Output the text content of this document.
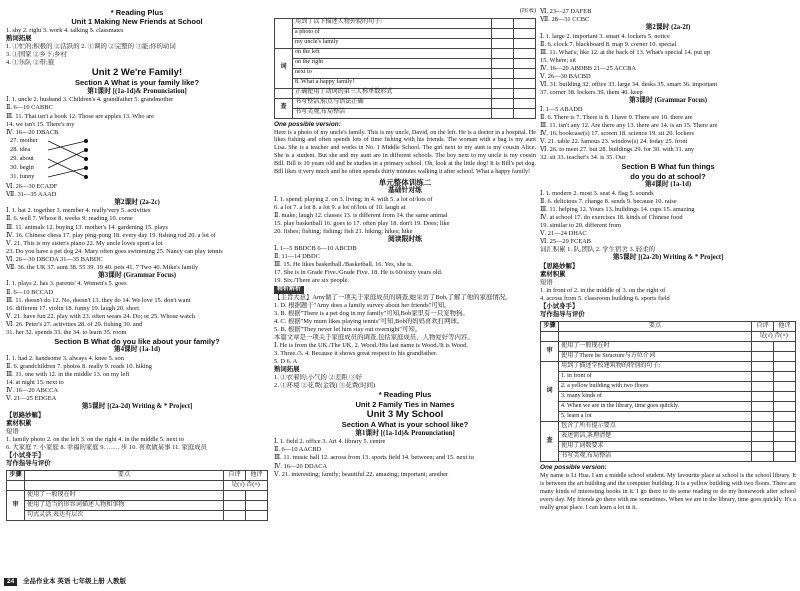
* Reading Plus
Unit 1 Making New Friends at School
1. shy 2. right 3. work 4. talking 5. classmates
熟词拓展
1. ①忙的;积极的 ②活跃的 2. ①调的 ②完整的 ③能;你的动词
3. ①国家 ②乡下;乡村
4. ①乐队 ②带;箍
Unit 2 We're Family!
Section A What is your family like?
第1课时 [(1a-1d)& Pronunciation]
Ⅰ. 1. uncle 2. husband 3. Children's 4. grandfather 5. grandmother
Ⅱ. 6—10 CABBC
Ⅲ. 11. That isn't a book 12. Those are apples 13. Who are
14. we isn't 15. There's my
Ⅳ. 16—20 DBACB
27. mother
28. idea
29. about
30. begin
31. funny
Ⅵ. 26—30 ECADF
Ⅶ. 31—35 AAAD
第2课时 (2a-2c)
Ⅰ. 1. bat 2. together 3. member 4. really/very 5. activities
Ⅱ. 6. well 7. Whose 8. weeks 9. reading 10. come
Ⅲ. 11. animals 12. buying 13. mother's 14. gardening 15. plays
Ⅳ. 16. Chinese chess 17. play ping-pong 18. every day 19. fishing rod 20. a lot of
Ⅴ. 21. This is my sister's piano 22. My uncle loves sport a lot
23. Do you have a pet dog 24. Mary often goes swimming 25. Nancy can play tennis
Ⅵ. 26—30 DBCDA 31—35 BABDC
Ⅶ. 36. the UK 37. aunt 38. 55 39. 19 40. pets 41. 7 Two 40. Mike's family
第3课时 (Grammar Focus)
Ⅰ. 1. plays 2. has 3. parents' 4. Women's 5. goes
Ⅱ. 6—10 BCCAD
Ⅲ. 11. doesn't do 12. No, doesn't 13. they do 14. We love 15. don't want
16. different 17. violin 18. funny 19. laugh 20. short
Ⅴ. 21. have fun 22. play with 23. often wears 24. Do; or 25. Whose watch
Ⅵ. 26. Peter's 27. activities 28. of 29. fishing 30. and
31. her 32. spends 33. the 34. to learn 35. room
Section B What do you like about your family?
第4课时 (1a-1d)
Ⅰ. 1. had 2. handsome 3. always 4. knee 5. son
Ⅱ. 6. grandchildren 7. photos 8. really 9. reads 10. hiking
Ⅲ. 11. one with 12. in the middle 13. on my left
14. at night 15. next to
Ⅳ. 16—20 ABCCA
Ⅴ. 21—25 EDGEA
第5课时 [(2a-2d) Writing & * Project]
【思路妙解】
素材积累
短语
1. family photo 2. on the left 3. on the right 4. in the middle 5. next to
6. 大家庭 7. 小家庭 8. 幸福的家庭 9. …… 步 10. 喜欢做某事 11. 家庭成员
【小试身手】
写作指导与评价
步骤	要点	自评	他评
		是(√) 否(×)	
审	使用了一般现在时		
	使用了适当的形容词描述人物和事物		
	句式灵活,表达有层次		
24 全品作业本 英语 七年级上册 人教版
(续表)
	用到了以下描述人物外貌的句子:		
	a photo of		
	my uncle's family		
词	on the left		
	on the right		
	next to		
	8. What a happy family!		
	正确使用了动词的第三人称单数形式		
查	书写整洁,标点与语法正确		
	书写美观,布局整洁		
One possible version:
Here is a photo of my uncle's family. This is my uncle, David, on the left. He is a doctor in a hospital. He likes fishing and often spends lots of time fishing with his friends. The woman with a bag is my aunt Lisa. She is a teacher and works in No. 1 Middle School. The girl next to my aunt is my cousin Alice. She is a student. But she and my aunt are in different schools. The boy next to my uncle is my cousin Bill. Bill is 10 years old and he studies in a primary school. Oh, look at the little dog! It is Bill's pet dog. Bill likes it very much and he often spends thirty minutes walking it after school. What a happy family!
单元整体训练二
基础针对练
Ⅰ. 1. spend; playing 2. on 3. living; in 4. with 5. a lot of/lots of
6. a lot 7. a lot 8. a lot 9. a lot of/lots of 10. laugh at
Ⅱ. make; laugh 12. classes 13. is different from 14. the same animal
15. play basketball 16. goes to 17. often play 18. don't 19. Does; like
20. fishes; fishing; fishing; fish 21. hiking; hikes; hike
阅读限时练
Ⅰ. 1—5 BBDCB 6—10 ABCDB
Ⅱ. 11—14 DBDC
Ⅲ. 15. He likes basketball./Basketball. 16. Yes, she is.
17. She is in Grade Five./Grade Five. 18. He is 60/sixty years old.
19. Six./There are six people.
精析解析
【主旨大意】Amy做了一项关于家庭成员的调查,她采访了Bob,了解了他的家庭情况。
1. D. 根据题干"Amy does a family survey about her friends"可知。
3. B. 根据"There is a pet dog in my family"可知,Bob家里有一只宠物狗。
4. C. 根据"My mum likes playing tennis"可知,Bob的妈妈喜欢打网球。
5. B. 根据"They never let him stay out overnight"可知。
本篇文章是一项关于家庭成员的调查,包括家庭成员、人物爱好等内容。
Ⅰ. He is from the UK./The UK. 2. Wood./His last name is Wood./It is Wood.
3. Three./3. 4. Because it shows great respect to his grandfather.
5. D 6. A
熟词拓展
1. ①衣着的;小气的 ②差距 ③好
2. ①环境 ②花费(金钱) ③花费(时间)
* Reading Plus
Unit 2 Family Ties in Names
Unit 3 My School
Section A What is your school like?
第1课时 [(1a-1d)& Pronunciation]
Ⅰ. 1. field 2. office 3. Art 4. library 5. centre
Ⅱ. 6—10 AACBD
Ⅲ. 11. music hall 12. across from 13. sports field 14. between; and 15. next to
Ⅳ. 16—20 DDACA
Ⅴ. 21. interesting; family; beautiful 22. amazing; important; another
Ⅵ. 23—27 DAFEB
Ⅶ. 28—31 CCBC
第2课时 (2a-2f)
Ⅰ. 1. large 2. important 3. smart 4. lockers 5. notice
Ⅱ. 6. clock 7. blackboard 8. map 9. corner 10. special
Ⅲ. 11. What's; like 12. at the back of 13. What's special 14. put up
15. Where; sit
Ⅳ. 16—20 ABDBB 21—25 ACCBA
Ⅴ. 26—30 BACBD
Ⅵ. 31. building 32. office 33. large 34. desks 35. smart 36. important
37. corner 38. lockers 39. them 40. keep
第3课时 (Grammar Focus)
Ⅰ. 1—5 ABADD
Ⅱ. 6. There is 7. There is 8. I have 9. There are 10. there are
Ⅲ. 11. isn't any 12. Are there any 13. there are 14. is an 15. There are
Ⅳ. 16. bookcase(s) 17. screen 18. science 19. sit 20. lockers
Ⅴ. 21. table 22. famous 23. window(s) 24. today 25. front
Ⅵ. 26. to meet 27. but 28. buildings 29. for 30. with 31. any
32. sit 33. teacher's 34. is 35. Our
Section B What fun things
do you do at school?
第4课时 (1a-1d)
Ⅰ. 1. modern 2. most 3. seat 4. flag 5. sounds
Ⅱ. 6. delicious 7. change 8. sends 9. because 10. raise
Ⅲ. 11. helping 12. Yours 13. buildings 14. cups 15. amazing
Ⅳ. at school 17. do exercises 18. kinds of Chinese food
19. similar to 20. different from
Ⅴ. 21—24 DHAC
Ⅵ. 25—29 FCEAB
词汇积累 1. 队,团队 2. 学生宿舍 3. 轻柔的
第5课时 [(2a-2b) Writing & * Project]
【思路妙解】
素材积累
短语
1. in front of 2. in the middle of 3. on the right of
4. across from 5. classroom building 6. sports field
【小试身手】
写作指导与评价
步骤	要点	自评	他评
		是(√) 否(×)	
审	使用了一般现在时		
	使用了There be Structure与方位介词		
词	用到了描述学校建筑物的特别的句子:		
	1. in front of		
	2. a yellow building with two floors		
	3. many kinds of		
	4. When we are in the library, time goes quickly.		
	5. learn a lot		
查	包含了所有提示要点		
	表述简洁,条理清楚		
	使用了词数要求		
	书写美观,布局整洁		
One possible version:
My name is Li Hua. I am a middle school student. My favourite place at school is the school library. It is between the art building and the computer building. It is a yellow building with two floors. There are many kinds of interesting books in it. I go there to do some reading or do my homework after school every day. My friends go there with me sometimes. When we are in the library, time goes quickly. It's a really great place. I can learn a lot in it.
